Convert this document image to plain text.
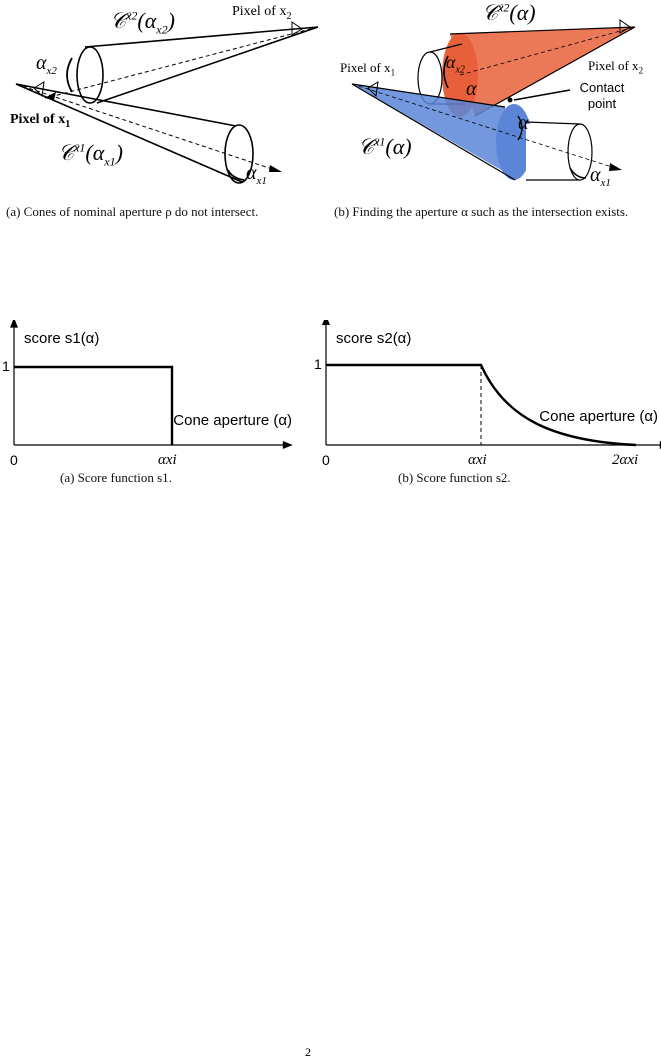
Pixel of $x_2$
$𝒞^{x2}(\alpha_{x2})$
$\alpha_{x2}$
Pixel of $x_1$
$𝒞^{x1}(\alpha_{x1})$
$\alpha_{x1}$
(a) Cones of nominal aperture ρ do not intersect.
𝒞$^{x2}$(α)
Pixel of $x_1$	Pixel of $x_2$
$\alpha_{x2}$
α	Contact point
α
𝒞$^{x1}$(α)
$\alpha_{x1}$
(b) Finding the aperture α such as the intersection exists.
score s1(α)
1
0	αxi
Cone aperture (α)
(a) Score function s1.
score s2(α)
1
0	αxi	2αxi
Cone aperture (α)
(b) Score function s2.
2
